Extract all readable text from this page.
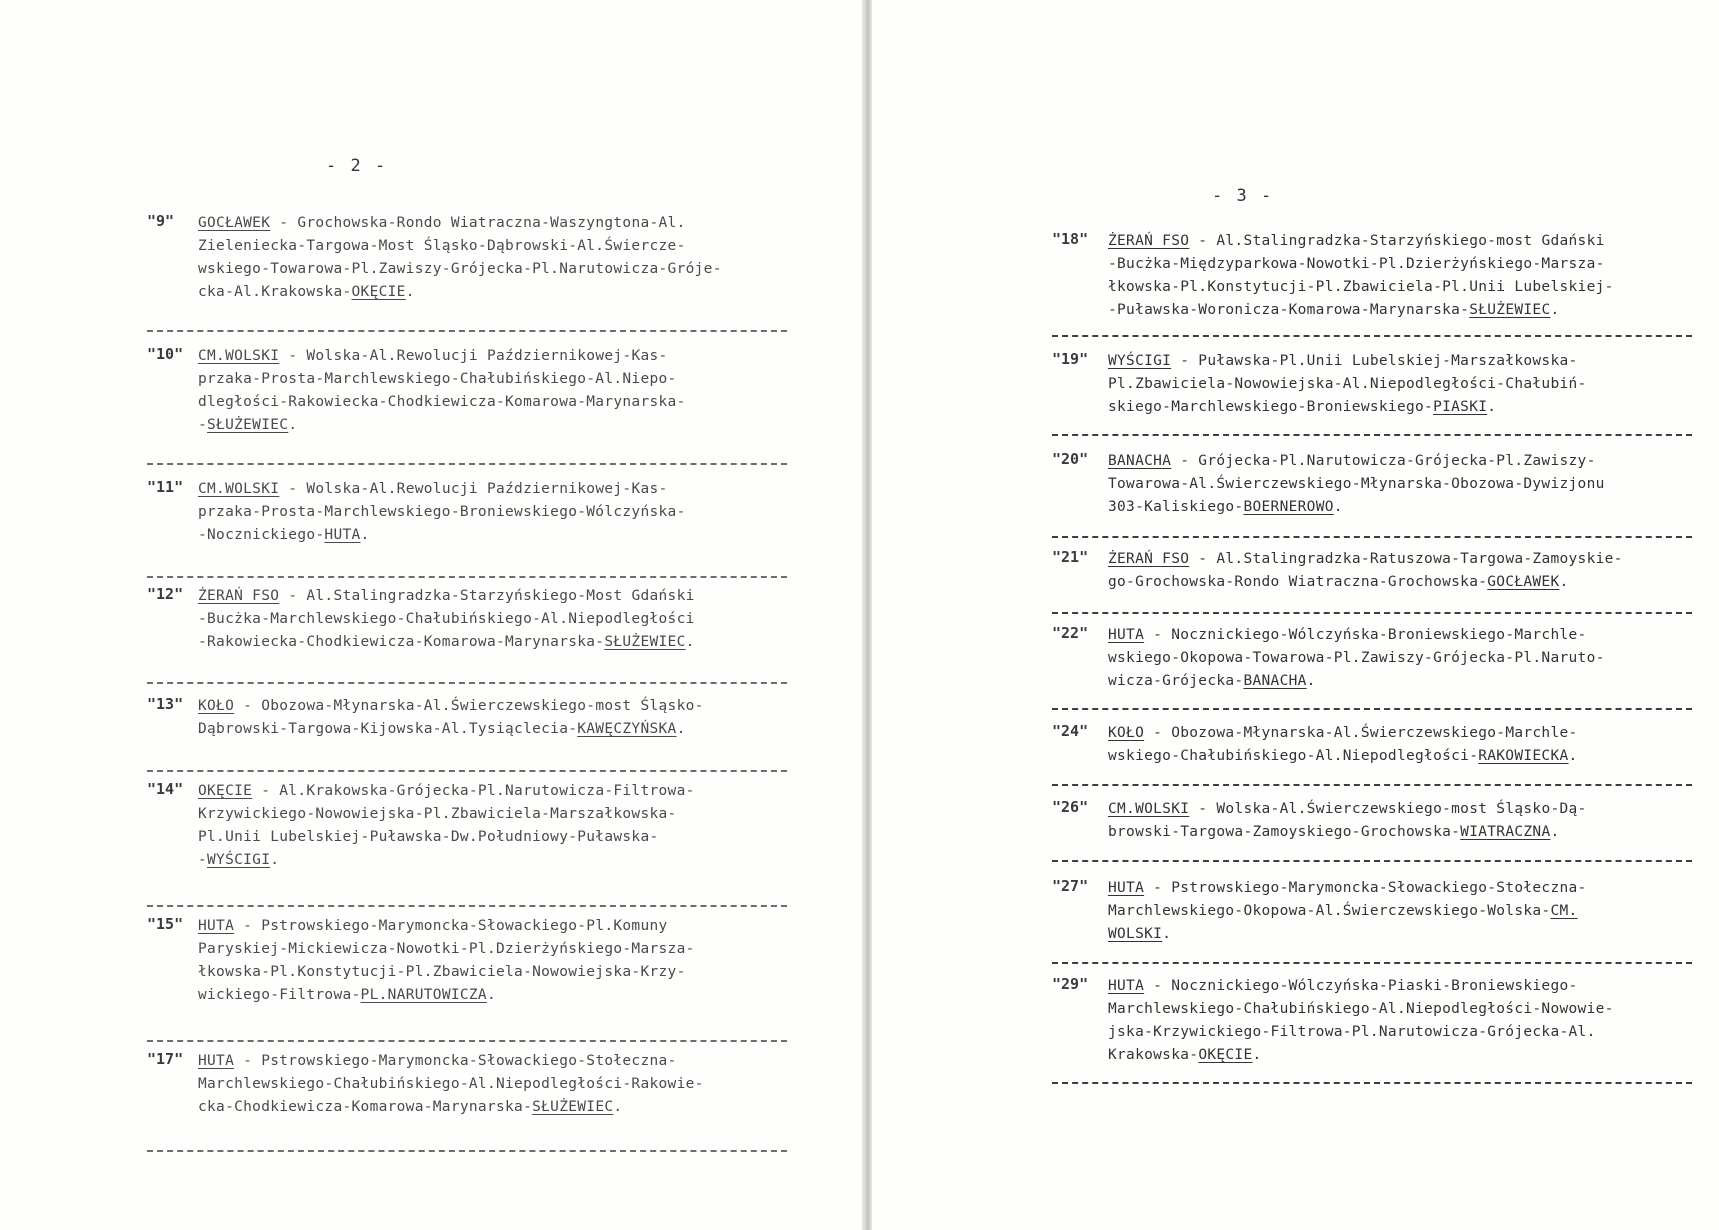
- 2 -
"9" GOCŁAWEK - Grochowska-Rondo Wiatraczna-Waszyngtona-Al.
Zieleniecka-Targowa-Most Śląsko-Dąbrowski-Al.Świercze-
wskiego-Towarowa-Pl.Zawiszy-Grójecka-Pl.Narutowicza-Gróje-
cka-Al.Krakowska-OKĘCIE.
"10" CM.WOLSKI - Wolska-Al.Rewolucji Październikowej-Kas-
przaka-Prosta-Marchlewskiego-Chałubińskiego-Al.Niepo-
dległości-Rakowiecka-Chodkiewicza-Komarowa-Marynarska-
-SŁUŻEWIEC.
"11" CM.WOLSKI - Wolska-Al.Rewolucji Październikowej-Kas-
przaka-Prosta-Marchlewskiego-Broniewskiego-Wólczyńska-
-Nocznickiego-HUTA.
"12" ŻERAŃ FSO - Al.Stalingradzka-Starzyńskiego-Most Gdański
-Bucżka-Marchlewskiego-Chałubińskiego-Al.Niepodległości
-Rakowiecka-Chodkiewicza-Komarowa-Marynarska-SŁUŻEWIEC.
"13" KOŁO - Obozowa-Młynarska-Al.Świerczewskiego-most Śląsko-
Dąbrowski-Targowa-Kijowska-Al.Tysiąclecia-KAWĘCZYŃSKA.
"14" OKĘCIE - Al.Krakowska-Grójecka-Pl.Narutowicza-Filtrowa-
Krzywickiego-Nowowiejska-Pl.Zbawiciela-Marszałkowska-
Pl.Unii Lubelskiej-Puławska-Dw.Południowy-Puławska-
-WYŚCIGI.
"15" HUTA - Pstrowskiego-Marymoncka-Słowackiego-Pl.Komuny
Paryskiej-Mickiewicza-Nowotki-Pl.Dzierżyńskiego-Marsza-
łkowska-Pl.Konstytucji-Pl.Zbawiciela-Nowowiejska-Krzy-
wickiego-Filtrowa-PL.NARUTOWICZA.
"17" HUTA - Pstrowskiego-Marymoncka-Słowackiego-Stołeczna-
Marchlewskiego-Chałubińskiego-Al.Niepodległości-Rakowie-
cka-Chodkiewicza-Komarowa-Marynarska-SŁUŻEWIEC.
- 3 -
"18" ŻERAŃ FSO - Al.Stalingradzka-Starzyńskiego-most Gdański
-Bucżka-Międzyparkowa-Nowotki-Pl.Dzierżyńskiego-Marsza-
łkowska-Pl.Konstytucji-Pl.Zbawiciela-Pl.Unii Lubelskiej-
-Puławska-Woronicza-Komarowa-Marynarska-SŁUŻEWIEC.
"19" WYŚCIGI - Puławska-Pl.Unii Lubelskiej-Marszałkowska-
Pl.Zbawiciela-Nowowiejska-Al.Niepodległości-Chałubiń-
skiego-Marchlewskiego-Broniewskiego-PIASKI.
"20" BANACHA - Grójecka-Pl.Narutowicza-Grójecka-Pl.Zawiszy-
Towarowa-Al.Świerczewskiego-Młynarska-Obozowa-Dywizjonu
303-Kaliskiego-BOERNEROWO.
"21" ŻERAŃ FSO - Al.Stalingradzka-Ratuszowa-Targowa-Zamoyskie-
go-Grochowska-Rondo Wiatraczna-Grochowska-GOCŁAWEK.
"22" HUTA - Nocznickiego-Wólczyńska-Broniewskiego-Marchle-
wskiego-Okopowa-Towarowa-Pl.Zawiszy-Grójecka-Pl.Naruto-
wicza-Grójecka-BANACHA.
"24" KOŁO - Obozowa-Młynarska-Al.Świerczewskiego-Marchle-
wskiego-Chałubińskiego-Al.Niepodległości-RAKOWIECKA.
"26" CM.WOLSKI - Wolska-Al.Świerczewskiego-most Śląsko-Dą-
browski-Targowa-Zamoyskiego-Grochowska-WIATRACZNA.
"27" HUTA - Pstrowskiego-Marymoncka-Słowackiego-Stołeczna-
Marchlewskiego-Okopowa-Al.Świerczewskiego-Wolska-CM.
WOLSKI.
"29" HUTA - Nocznickiego-Wólczyńska-Piaski-Broniewskiego-
Marchlewskiego-Chałubińskiego-Al.Niepodległości-Nowowie-
jska-Krzywickiego-Filtrowa-Pl.Narutowicza-Grójecka-Al.
Krakowska-OKĘCIE.
